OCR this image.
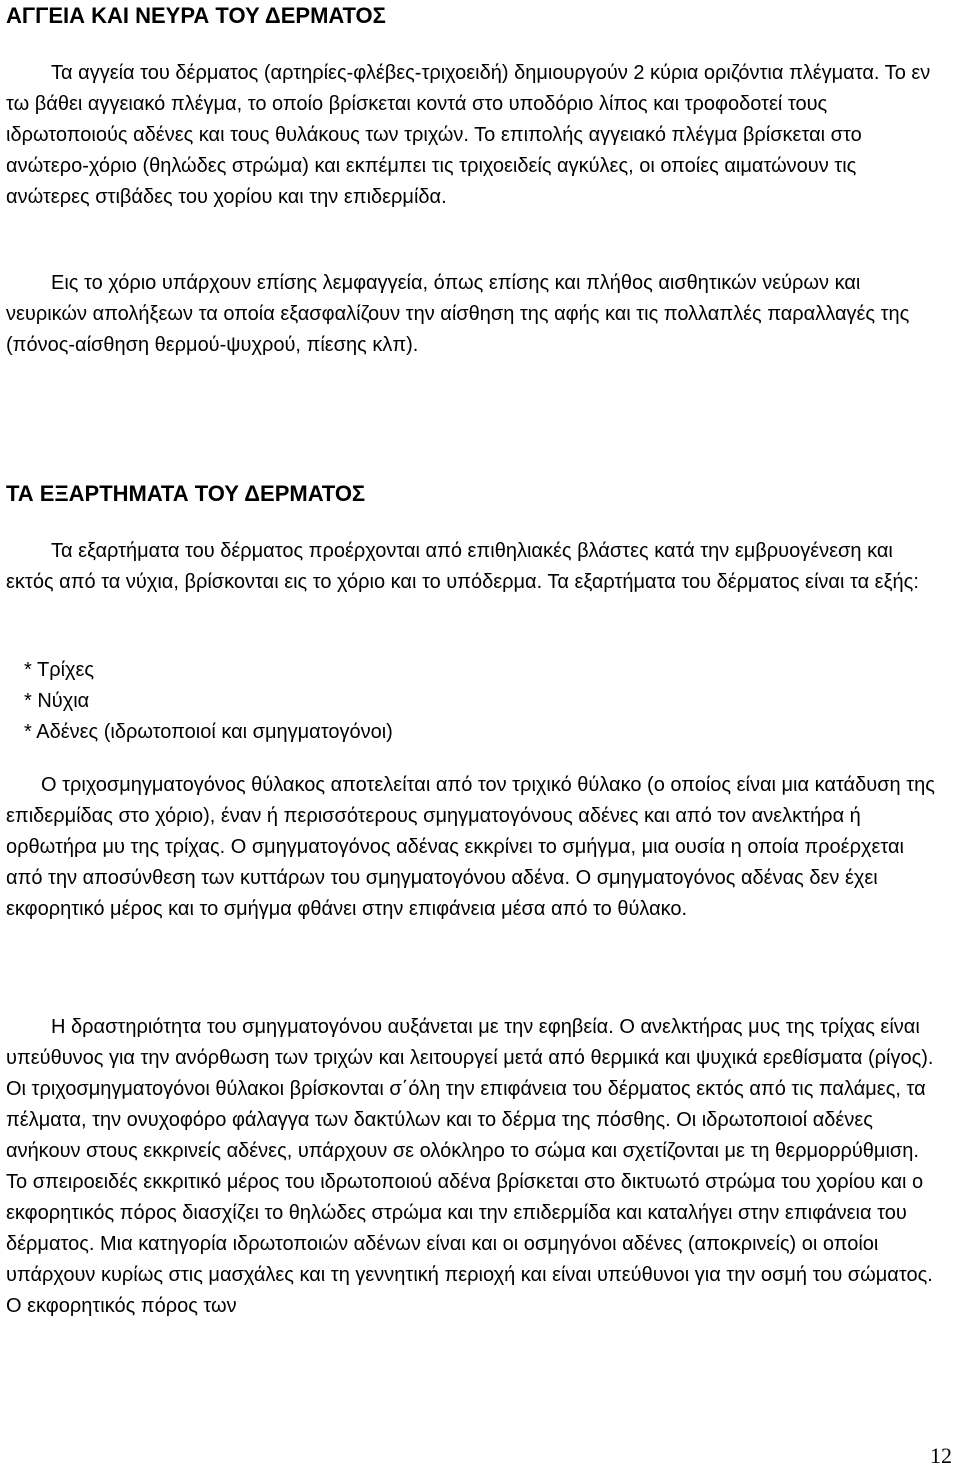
ΑΓΓΕΙΑ ΚΑΙ ΝΕΥΡΑ ΤΟΥ ΔΕΡΜΑΤΟΣ

Τα αγγεία του δέρματος (αρτηρίες-φλέβες-τριχοειδή) δημιουργούν 2 κύρια οριζόντια πλέγματα. Το εν τω βάθει αγγειακό πλέγμα, το οποίο βρίσκεται κοντά στο υποδόριο λίπος και τροφοδοτεί τους ιδρωτοποιούς αδένες και τους θυλάκους των τριχών. Το επιπολής αγγειακό πλέγμα βρίσκεται στο ανώτερο-χόριο (θηλώδες στρώμα) και εκπέμπει τις τριχοειδείς αγκύλες, οι οποίες αιματώνουν τις ανώτερες στιβάδες του χορίου και την επιδερμίδα.

Εις το χόριο υπάρχουν επίσης λεμφαγγεία, όπως επίσης και πλήθος αισθητικών νεύρων και νευρικών απολήξεων τα οποία εξασφαλίζουν την αίσθηση της αφής και τις πολλαπλές παραλλαγές της (πόνος-αίσθηση θερμού-ψυχρού, πίεσης κλπ).

ΤΑ ΕΞΑΡΤΗΜΑΤΑ ΤΟΥ ΔΕΡΜΑΤΟΣ

Τα εξαρτήματα του δέρματος προέρχονται από επιθηλιακές βλάστες κατά την εμβρυογένεση και εκτός από τα νύχια, βρίσκονται εις το χόριο και το υπόδερμα. Τα εξαρτήματα του δέρματος είναι τα εξής:

* Τρίχες
* Νύχια
* Αδένες (ιδρωτοποιοί και σμηγματογόνοι)

Ο τριχοσμηγματογόνος θύλακος αποτελείται από τον τριχικό θύλακο (ο οποίος είναι μια κατάδυση της επιδερμίδας στο χόριο), έναν ή περισσότερους σμηγματογόνους αδένες και από τον ανελκτήρα ή ορθωτήρα μυ της τρίχας. Ο σμηγματογόνος αδένας εκκρίνει το σμήγμα, μια ουσία η οποία προέρχεται από την αποσύνθεση των κυττάρων του σμηγματογόνου αδένα. Ο σμηγματογόνος αδένας δεν έχει εκφορητικό μέρος και το σμήγμα φθάνει στην επιφάνεια μέσα από το θύλακο.

Η δραστηριότητα του σμηγματογόνου αυξάνεται με την εφηβεία. Ο ανελκτήρας μυς της τρίχας είναι υπεύθυνος για την ανόρθωση των τριχών και λειτουργεί μετά από θερμικά και ψυχικά ερεθίσματα (ρίγος). Οι τριχοσμηγματογόνοι θύλακοι βρίσκονται σ΄όλη την επιφάνεια του δέρματος εκτός από τις παλάμες, τα πέλματα, την ονυχοφόρο φάλαγγα των δακτύλων και το δέρμα της πόσθης. Οι ιδρωτοποιοί αδένες ανήκουν στους εκκρινείς αδένες, υπάρχουν σε ολόκληρο το σώμα και σχετίζονται με τη θερμορρύθμιση. Το σπειροειδές εκκριτικό μέρος του ιδρωτοποιού αδένα βρίσκεται στο δικτυωτό στρώμα του χορίου και ο εκφορητικός πόρος διασχίζει το θηλώδες στρώμα και την επιδερμίδα και καταλήγει στην επιφάνεια του δέρματος. Μια κατηγορία ιδρωτοποιών αδένων είναι και οι οσμηγόνοι αδένες (αποκρινείς) οι οποίοι υπάρχουν κυρίως στις μασχάλες και τη γεννητική περιοχή και είναι υπεύθυνοι για την οσμή του σώματος. Ο εκφορητικός πόρος των

12
